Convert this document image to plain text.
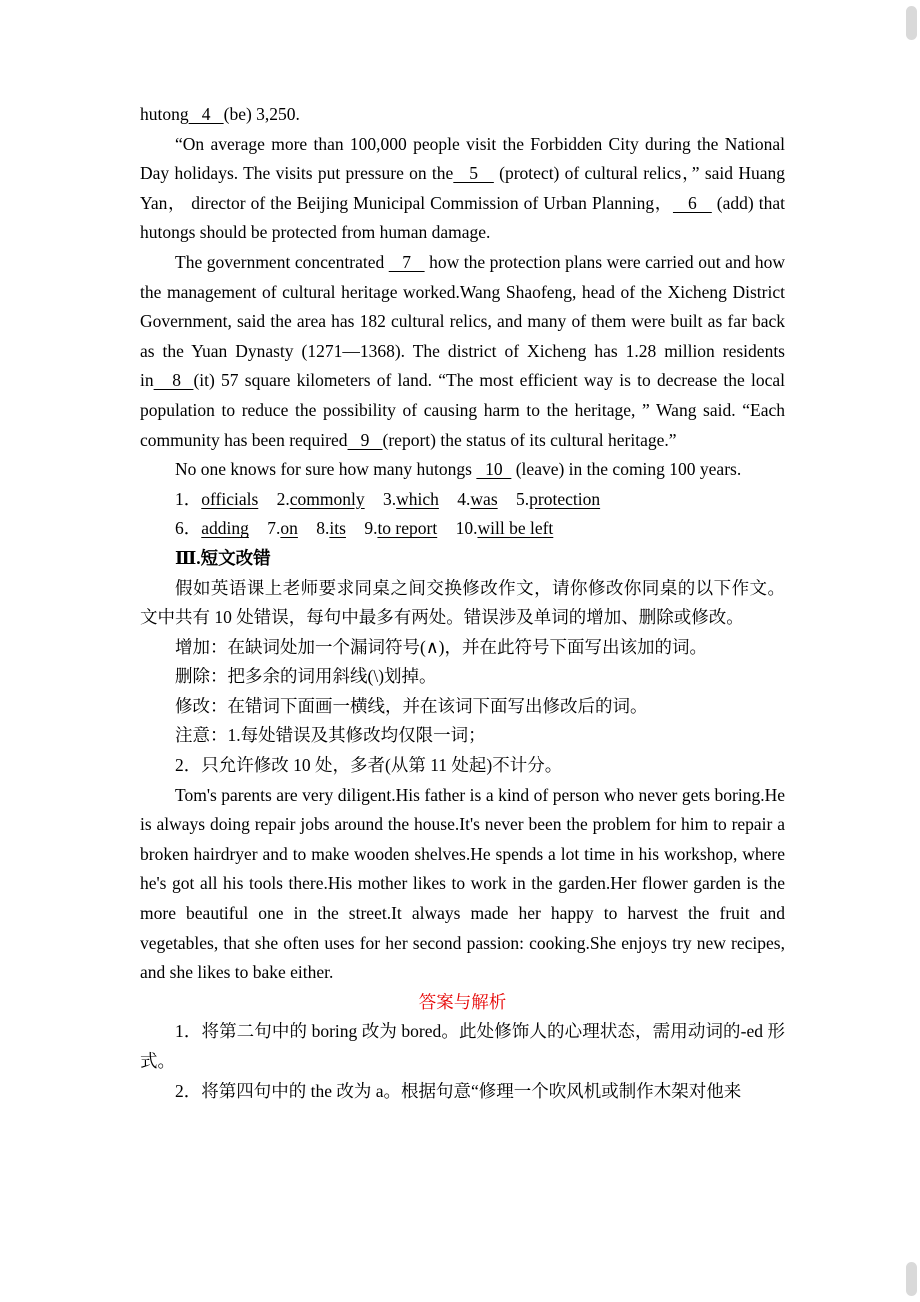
hutong   4   (be) 3,250.

“On average more than 100,000 people visit the Forbidden City during the National Day holidays. The visits put pressure on the   5    (protect) of cultural relics，” said Huang Yan， director of the Beijing Municipal Commission of Urban Planning，   6    (add) that hutongs should be protected from human damage.

The government concentrated    7    how the protection plans were carried out and how the management of cultural heritage worked.Wang Shaofeng, head of the Xicheng District Government, said the area has 182 cultural relics, and many of them were built as far back as the Yuan Dynasty (1271—1368). The district of Xicheng has 1.28 million residents in   8  (it) 57 square kilometers of land. “The most efficient way is to decrease the local population to reduce the possibility of causing harm to the heritage, ” Wang said. “Each community has been required   9   (report) the status of its cultural heritage.”

No one knows for sure how many hutongs   10   (leave) in the coming 100 years.

1．officials 2.commonly 3.which 4.was 5.protection

6．adding 7.on 8.its 9.to report 10.will be left

Ⅲ.短文改错

假如英语课上老师要求同桌之间交换修改作文，请你修改你同桌的以下作文。文中共有 10 处错误，每句中最多有两处。错误涉及单词的增加、删除或修改。

增加：在缺词处加一个漏词符号(∧)，并在此符号下面写出该加的词。

删除：把多余的词用斜线(\)划掉。

修改：在错词下面画一横线，并在该词下面写出修改后的词。

注意：1.每处错误及其修改均仅限一词；

2．只允许修改 10 处，多者(从第 11 处起)不计分。

Tom's parents are very diligent.His father is a kind of person who never gets boring.He is always doing repair jobs around the house.It's never been the problem for him to repair a broken hairdryer and to make wooden shelves.He spends a lot time in his workshop, where he's got all his tools there.His mother likes to work in the garden.Her flower garden is the more beautiful one in the street.It always made her happy to harvest the fruit and vegetables, that she often uses for her second passion: cooking.She enjoys try new recipes, and she likes to bake either.

答案与解析

1．将第二句中的 boring 改为 bored。此处修饰人的心理状态，需用动词的-ed 形式。

2．将第四句中的 the 改为 a。根据句意“修理一个吹风机或制作木架对他来
